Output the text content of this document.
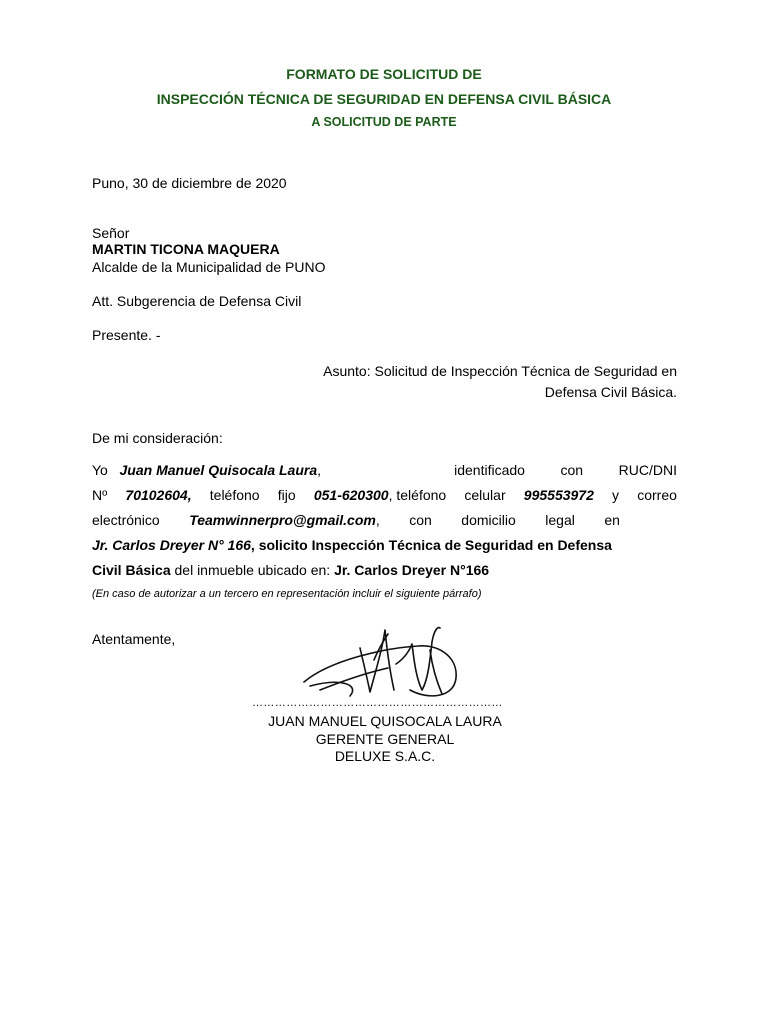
FORMATO DE SOLICITUD DE
INSPECCIÓN TÉCNICA DE SEGURIDAD EN DEFENSA CIVIL BÁSICA
A SOLICITUD DE PARTE
Puno, 30 de diciembre de 2020
Señor
MARTIN TICONA MAQUERA
Alcalde de la Municipalidad de PUNO
Att. Subgerencia de Defensa Civil
Presente. -
Asunto: Solicitud de Inspección Técnica de Seguridad en
Defensa Civil Básica.
De mi consideración:
Yo Juan Manuel Quisocala Laura,	identificado	con	RUC/DNI
Nº 70102604, teléfono fijo 051-620300, teléfono celular 995553972 y correo
electrónico Teamwinnerpro@gmail.com, con domicilio legal en
Jr. Carlos Dreyer N° 166, solicito Inspección Técnica de Seguridad en Defensa
Civil Básica del inmueble ubicado en: Jr. Carlos Dreyer N°166
(En caso de autorizar a un tercero en representación incluir el siguiente párrafo)
Atentamente,
…………………………………………………………
JUAN MANUEL QUISOCALA LAURA
GERENTE GENERAL
DELUXE S.A.C.
